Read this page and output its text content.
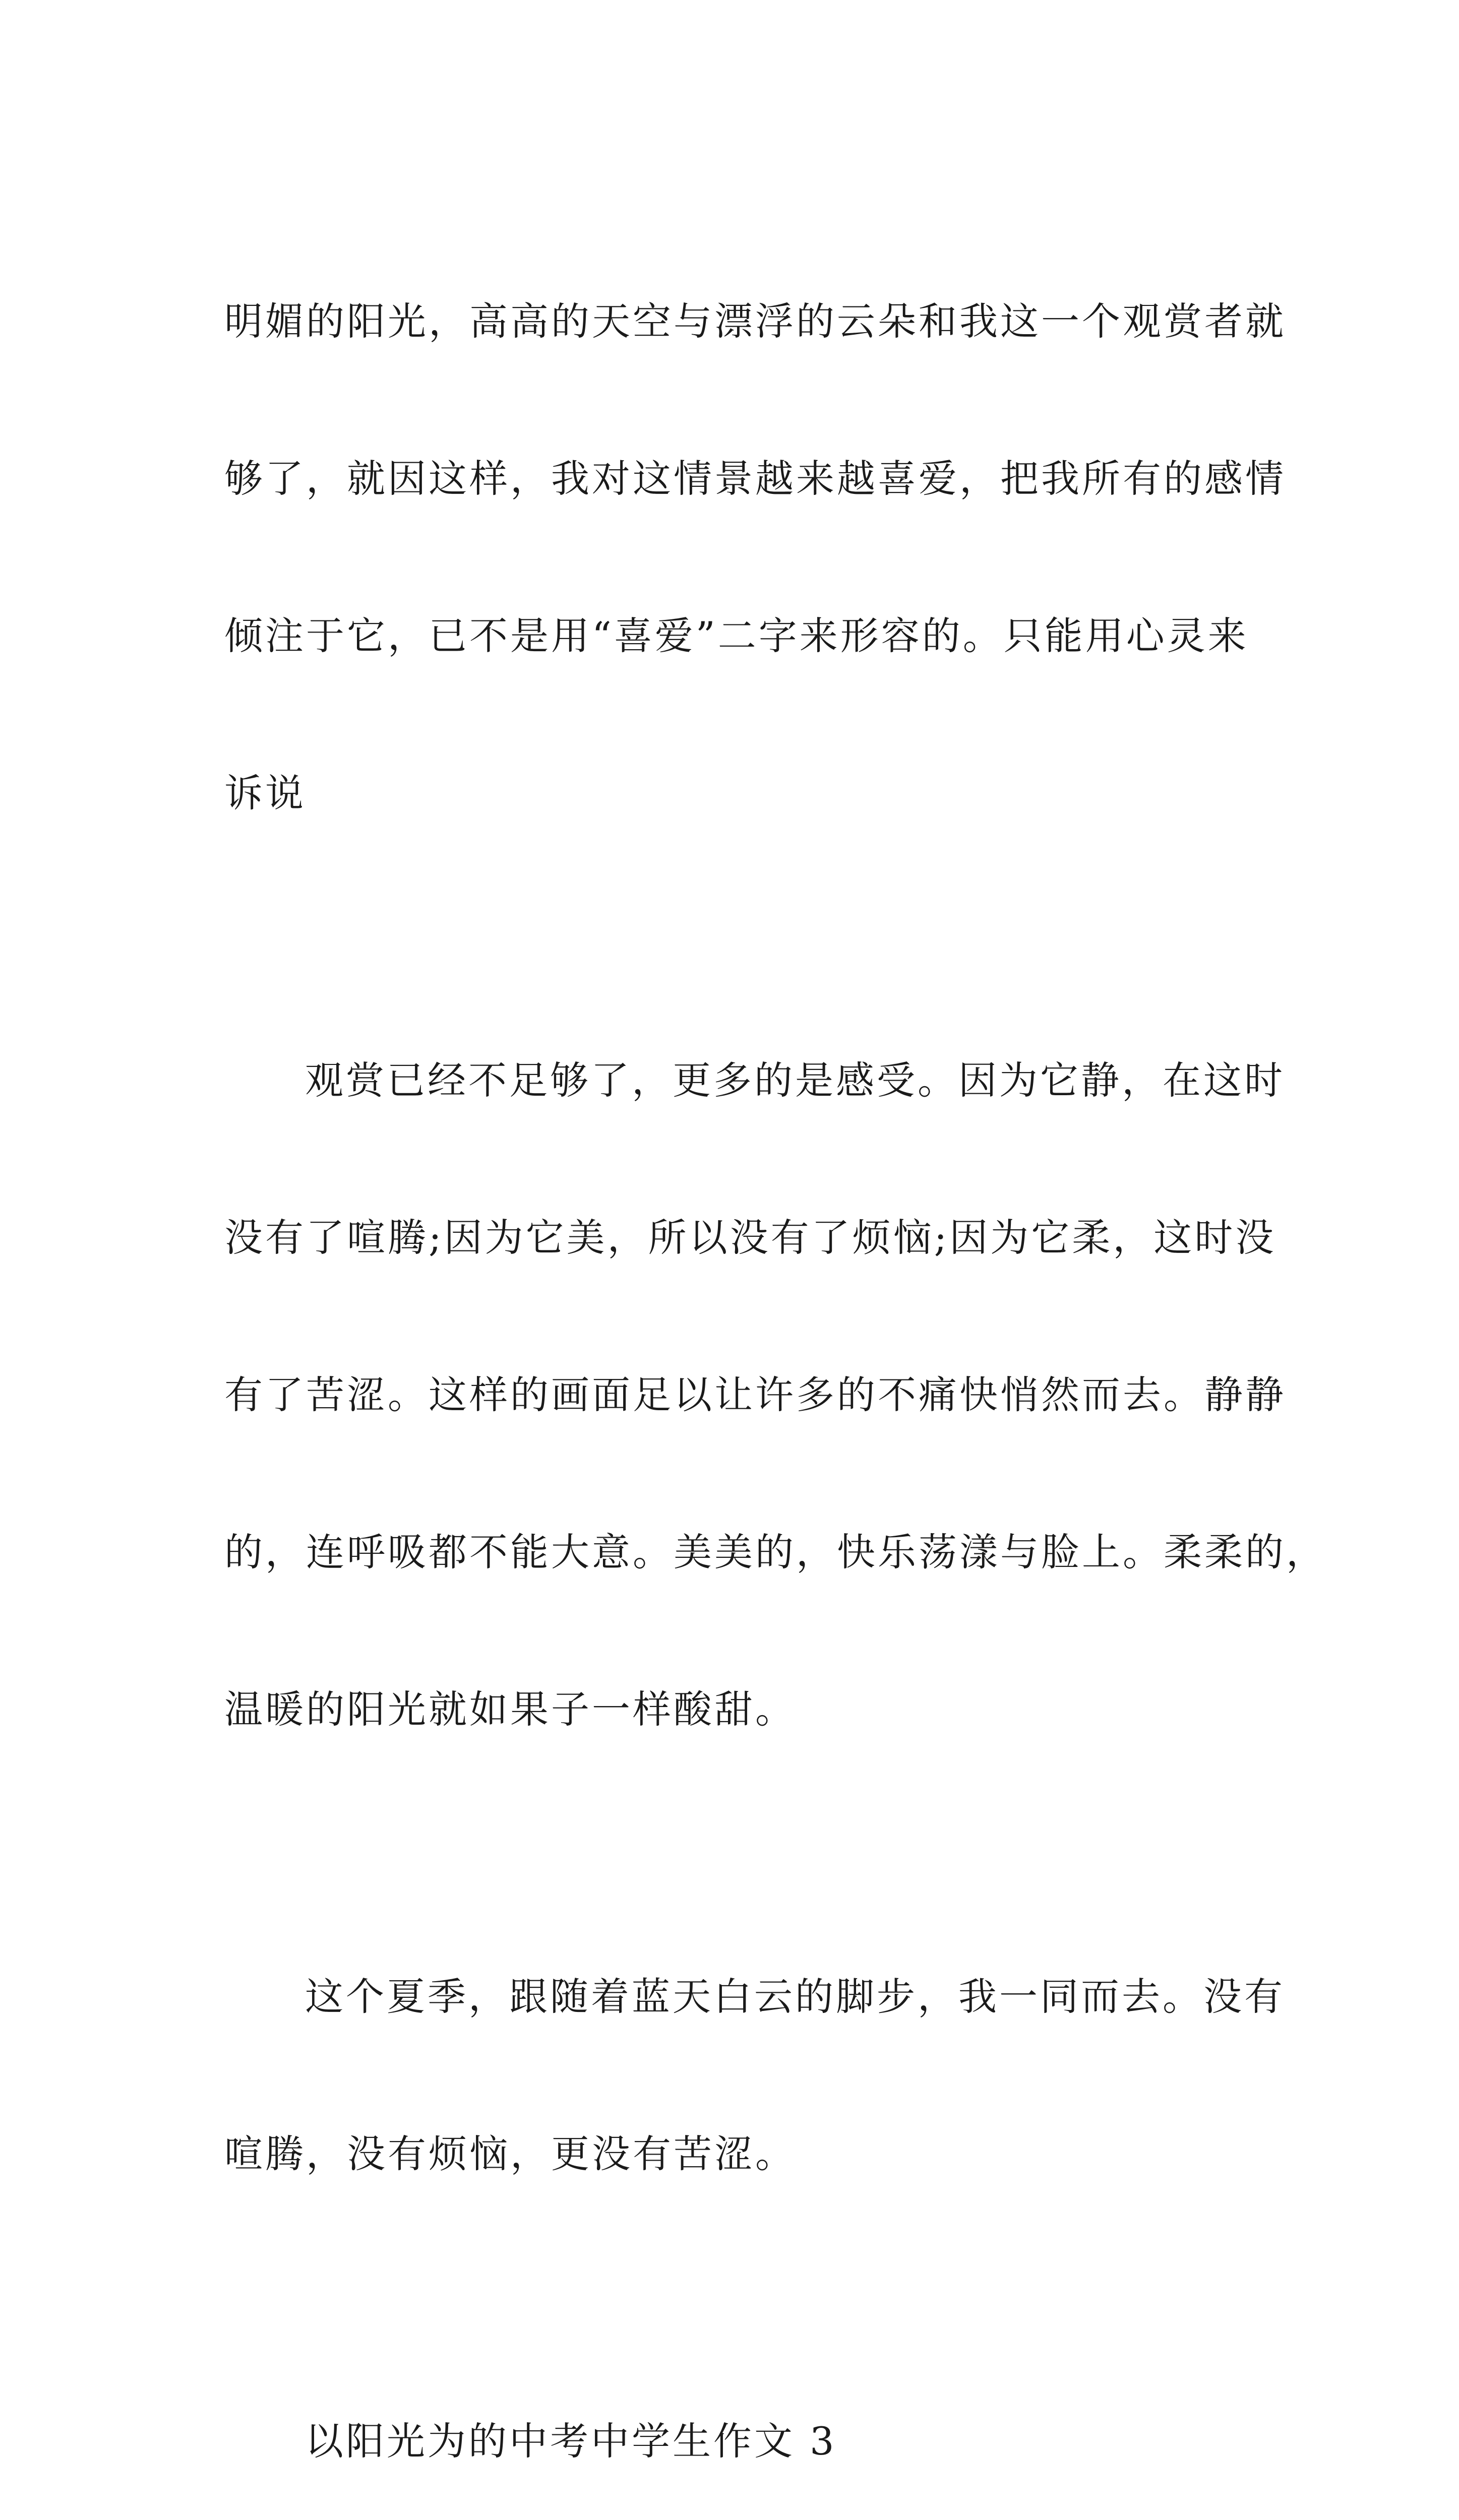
明媚的阳光，高高的天空与漂浮的云朵和我这一个观赏者就

够了，就因这样，我对这情景越来越喜爱，把我所有的感情

倾注于它，已不是用“喜爱”二字来形容的。只能用心灵来

诉说

观赏已经不足够了，更多的是感受。因为它静，在这时

没有了喧腾;因为它美，所以没有了烦恼;因为它柔，这时没

有了苦涩。这样的画面足以让许多的不痛快悄然而去。静静

的，连呼吸都不能大意。美美的，快乐荡漾与脸上。柔柔的，

温暖的阳光就如果子一样酸甜。

这个夏季，跟随着蓝天白云的脚步，我一同而去。没有

喧腾，没有烦恼，更没有苦涩。

以阳光为的中考中学生作文 3
